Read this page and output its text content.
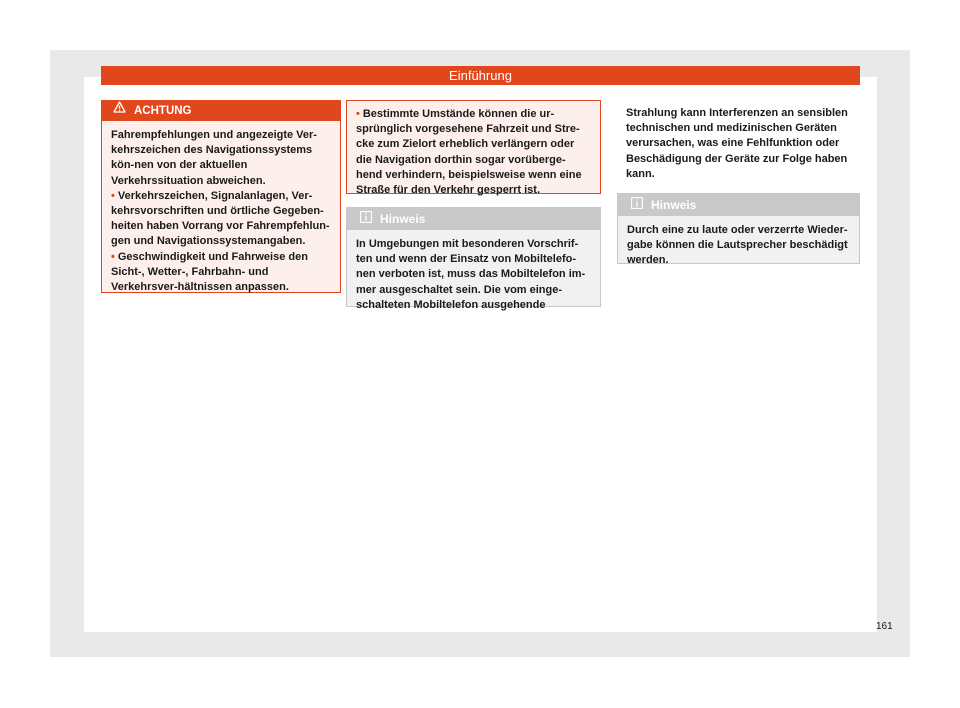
Einführung
ACHTUNG

Fahrempfehlungen und angezeigte Ver-kehrszeichen des Navigationssystems kön-nen von der aktuellen Verkehrssituation abweichen.

• Verkehrszeichen, Signalanlagen, Ver-kehrsvorschriften und örtliche Gegeben-heiten haben Vorrang vor Fahrempfehlun-gen und Navigationssystemangaben.

• Geschwindigkeit und Fahrweise den Sicht-, Wetter-, Fahrbahn- und Verkehrsver-hältnissen anpassen.

• Bestimmte Umstände können die ur-sprünglich vorgesehene Fahrzeit und Stre-cke zum Zielort erheblich verlängern oder die Navigation dorthin sogar vorüberge-hend verhindern, beispielsweise wenn eine Straße für den Verkehr gesperrt ist.

Hinweis

In Umgebungen mit besonderen Vorschrif-ten und wenn der Einsatz von Mobiltelefo-nen verboten ist, muss das Mobiltelefon im-mer ausgeschaltet sein. Die vom einge-schalteten Mobiltelefon ausgehende

Strahlung kann Interferenzen an sensiblen technischen und medizinischen Geräten verursachen, was eine Fehlfunktion oder Beschädigung der Geräte zur Folge haben kann.
Hinweis

Durch eine zu laute oder verzerrte Wieder-gabe können die Lautsprecher beschädigt werden.

161
